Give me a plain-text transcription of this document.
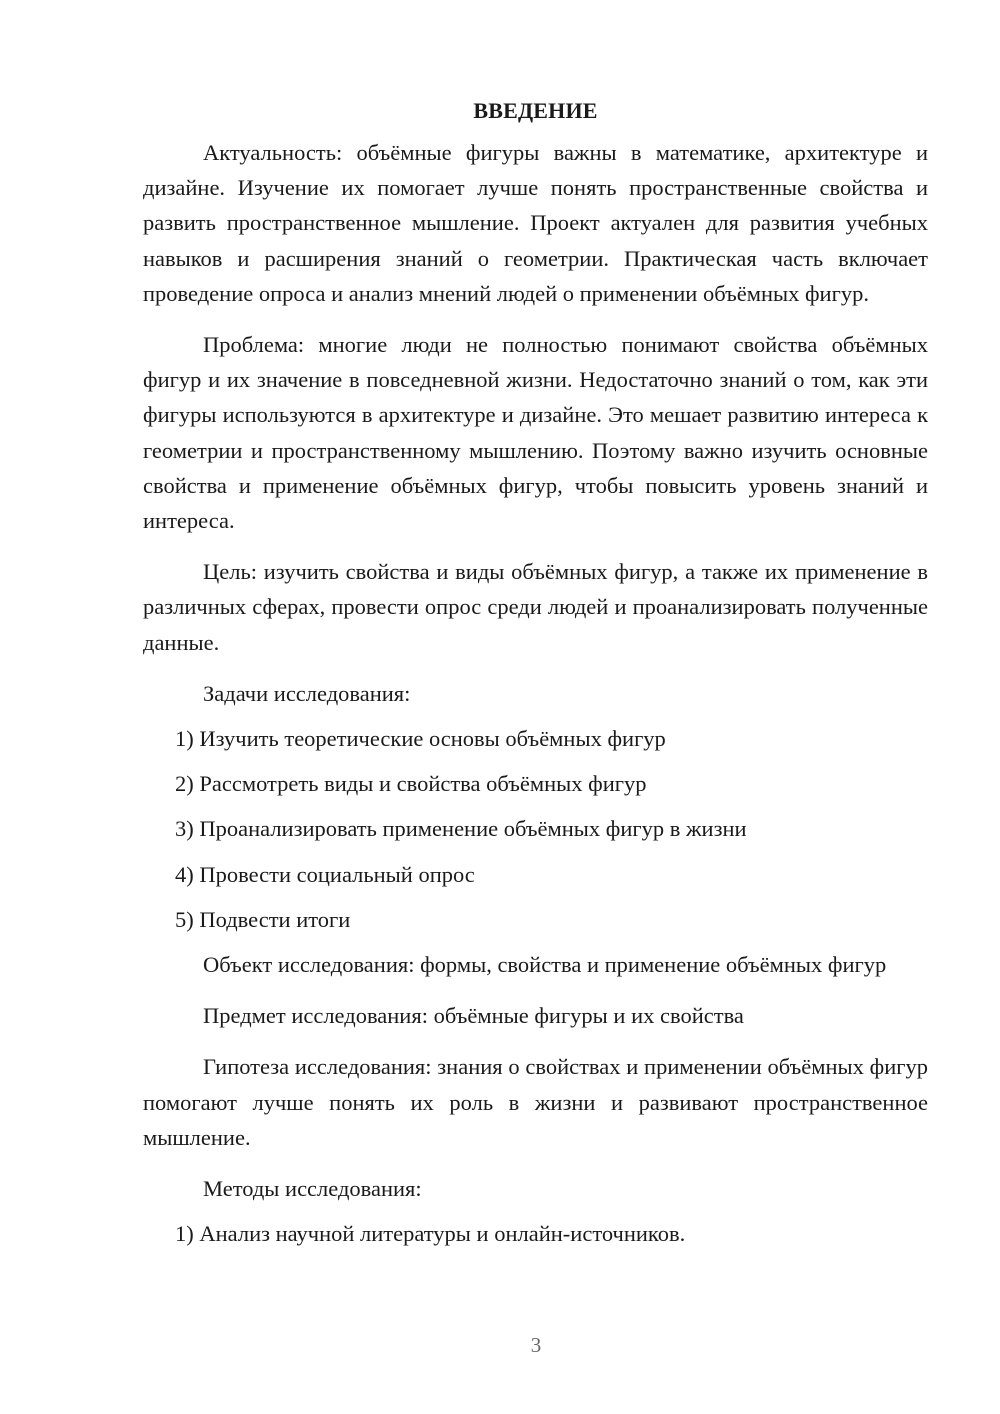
ВВЕДЕНИЕ

Актуальность: объёмные фигуры важны в математике, архитектуре и дизайне. Изучение их помогает лучше понять пространственные свойства и развить пространственное мышление. Проект актуален для развития учебных навыков и расширения знаний о геометрии. Практическая часть включает проведение опроса и анализ мнений людей о применении объёмных фигур.

Проблема: многие люди не полностью понимают свойства объёмных фигур и их значение в повседневной жизни. Недостаточно знаний о том, как эти фигуры используются в архитектуре и дизайне. Это мешает развитию интереса к геометрии и пространственному мышлению. Поэтому важно изучить основные свойства и применение объёмных фигур, чтобы повысить уровень знаний и интереса.

Цель: изучить свойства и виды объёмных фигур, а также их применение в различных сферах, провести опрос среди людей и проанализировать полученные данные.

Задачи исследования:

1) Изучить теоретические основы объёмных фигур
2) Рассмотреть виды и свойства объёмных фигур
3) Проанализировать применение объёмных фигур в жизни
4) Провести социальный опрос
5) Подвести итоги

Объект исследования: формы, свойства и применение объёмных фигур

Предмет исследования: объёмные фигуры и их свойства

Гипотеза исследования: знания о свойствах и применении объёмных фигур помогают лучше понять их роль в жизни и развивают пространственное мышление.

Методы исследования:

1) Анализ научной литературы и онлайн-источников.
3
